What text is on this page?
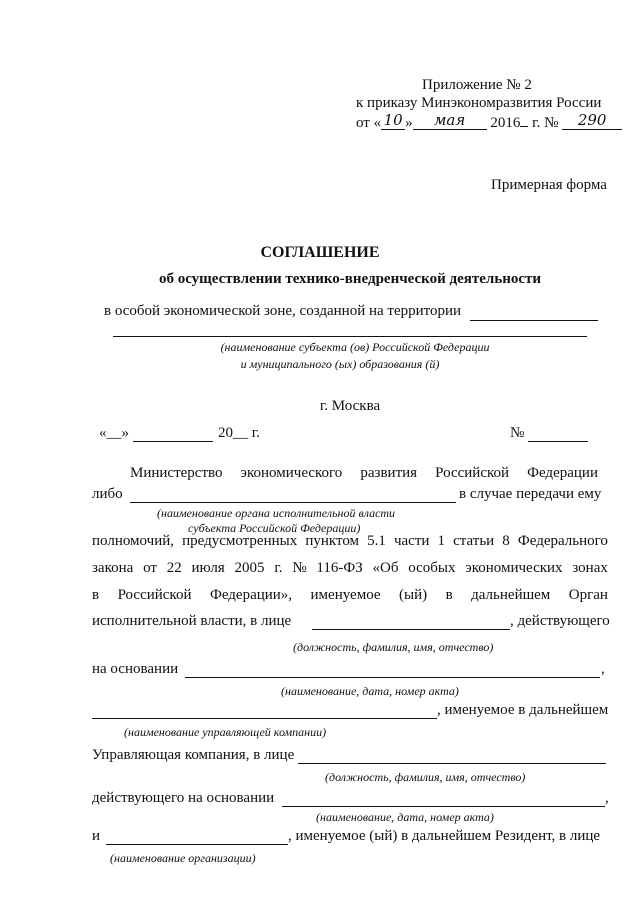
Приложение № 2
к приказу Минэкономразвития России
от « 10 » мая 2016 г. № 290
Примерная форма
СОГЛАШЕНИЕ
об осуществлении технико-внедренческой деятельности
в особой экономической зоне, созданной на территории
(наименование субъекта (ов) Российской Федерации
и муниципального (ых) образования (й)
г. Москва
«__»	20__ г.	№
Министерство экономического развития Российской Федерации
либо	в случае передачи ему
(наименование органа исполнительной власти
субъекта Российской Федерации)
полномочий, предусмотренных пунктом 5.1 части 1 статьи 8 Федерального
закона от 22 июля 2005 г. № 116-ФЗ «Об особых экономических зонах
в Российской Федерации», именуемое (ый) в дальнейшем Орган
исполнительной власти, в лице	, действующего
(должность, фамилия, имя, отчество)
на основании	,
(наименование, дата, номер акта)
, именуемое в дальнейшем
(наименование управляющей компании)
Управляющая компания, в лице
(должность, фамилия, имя, отчество)
действующего на основании	,
(наименование, дата, номер акта)
и	, именуемое (ый) в дальнейшем Резидент, в лице
(наименование организации)
